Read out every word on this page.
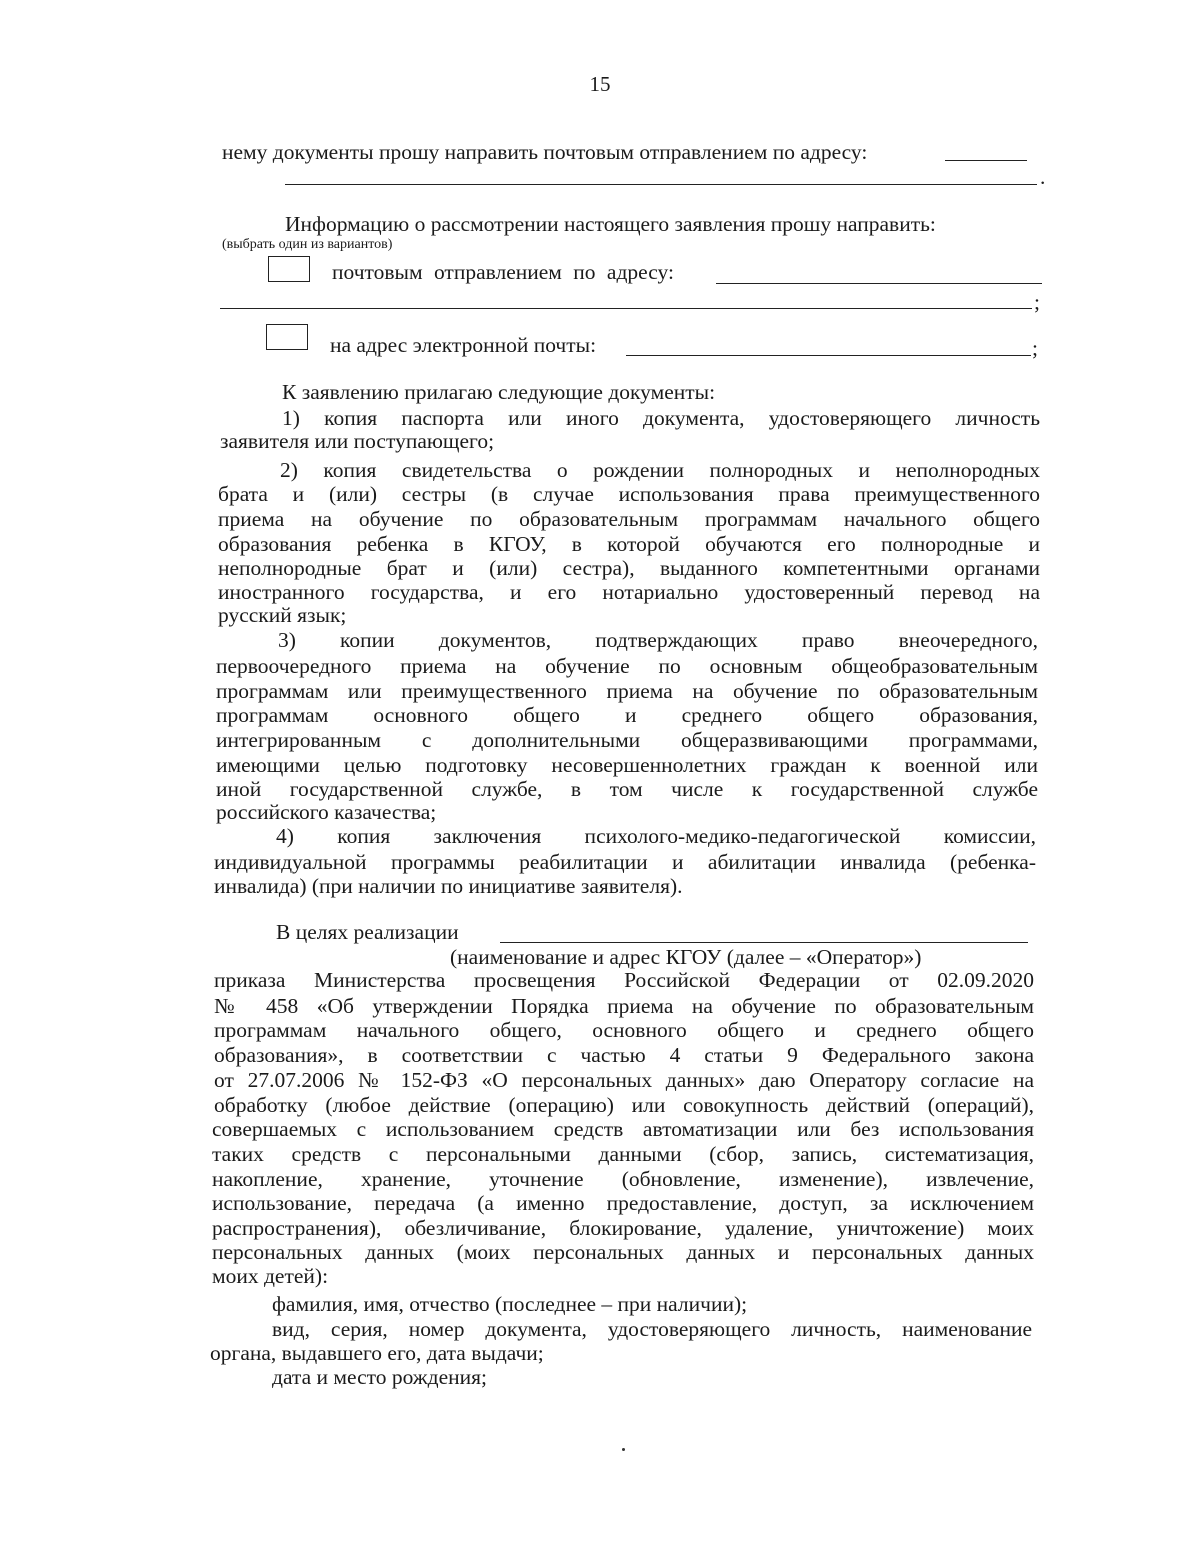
15
нему документы прошу направить почтовым отправлением по адресу:
.
Информацию о рассмотрении настоящего заявления прошу направить:
(выбрать один из вариантов)
почтовым отправлением по адресу:
;
на адрес электронной почты:	;
К заявлению прилагаю следующие документы:
1) копия паспорта или иного документа, удостоверяющего личность
заявителя или поступающего;
2) копия свидетельства о рождении полнородных и неполнородных
брата и (или) сестры (в случае использования права преимущественного
приема на обучение по образовательным программам начального общего
образования ребенка в КГОУ, в которой обучаются его полнородные и
неполнородные брат и (или) сестра), выданного компетентными органами
иностранного государства, и его нотариально удостоверенный перевод на
русский язык;
3) копии документов, подтверждающих право внеочередного,
первоочередного приема на обучение по основным общеобразовательным
программам или преимущественного приема на обучение по образовательным
программам основного общего и среднего общего образования,
интегрированным с дополнительными общеразвивающими программами,
имеющими целью подготовку несовершеннолетних граждан к военной или
иной государственной службе, в том числе к государственной службе
российского казачества;
4) копия заключения психолого-медико-педагогической комиссии,
индивидуальной программы реабилитации и абилитации инвалида (ребенка-
инвалида) (при наличии по инициативе заявителя).
В целях реализации
(наименование и адрес КГОУ (далее – «Оператор»)
приказа Министерства просвещения Российской Федерации от 02.09.2020
№ 458 «Об утверждении Порядка приема на обучение по образовательным
программам начального общего, основного общего и среднего общего
образования», в соответствии с частью 4 статьи 9 Федерального закона
от 27.07.2006 № 152-ФЗ «О персональных данных» даю Оператору согласие на
обработку (любое действие (операцию) или совокупность действий (операций),
совершаемых с использованием средств автоматизации или без использования
таких средств с персональными данными (сбор, запись, систематизация,
накопление, хранение, уточнение (обновление, изменение), извлечение,
использование, передача (а именно предоставление, доступ, за исключением
распространения), обезличивание, блокирование, удаление, уничтожение) моих
персональных данных (моих персональных данных и персональных данных
моих детей):
фамилия, имя, отчество (последнее – при наличии);
вид, серия, номер документа, удостоверяющего личность, наименование
органа, выдавшего его, дата выдачи;
дата и место рождения;
